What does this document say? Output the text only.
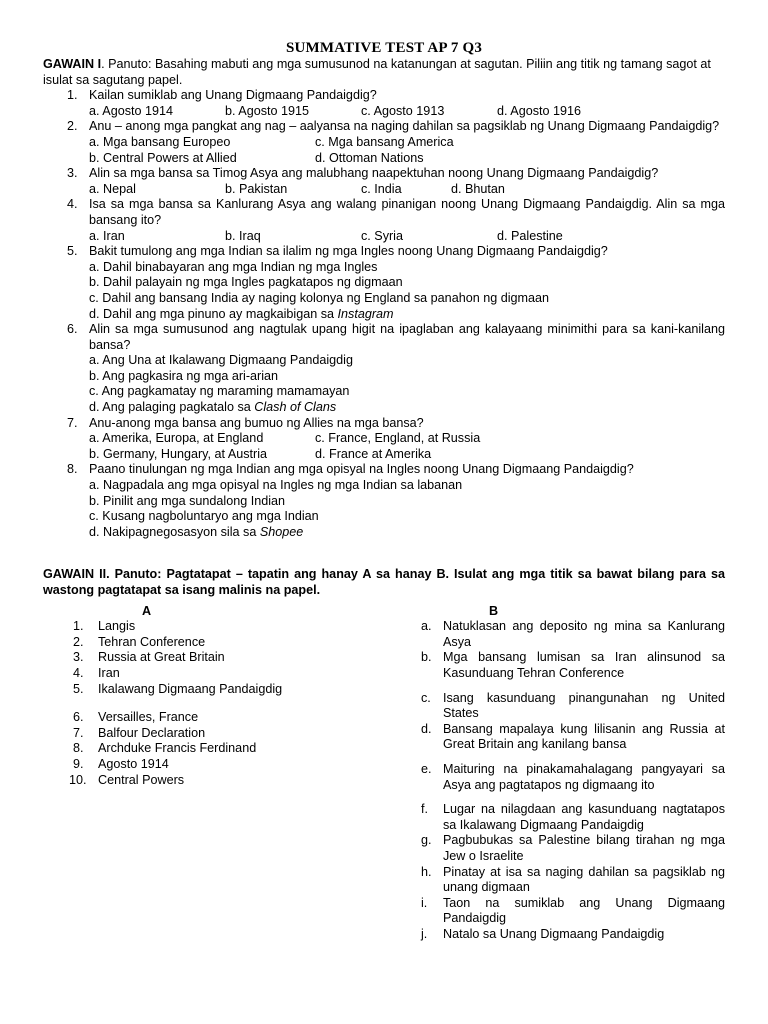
SUMMATIVE TEST AP 7 Q3

GAWAIN I. Panuto: Basahing mabuti ang mga sumusunod na katanungan at sagutan. Piliin ang titik ng tamang sagot at isulat sa sagutang papel.

1. Kailan sumiklab ang Unang Digmaang Pandaigdig?
a. Agosto 1914	b. Agosto 1915	c. Agosto 1913	d. Agosto 1916
2. Anu – anong mga pangkat ang nag – aalyansa na naging dahilan sa pagsiklab ng Unang Digmaang Pandaigdig?
a. Mga bansang Europeo	c. Mga bansang America
b. Central Powers at Allied	d. Ottoman Nations
3. Alin sa mga bansa sa Timog Asya ang malubhang naapektuhan noong Unang Digmaang Pandaigdig?
a. Nepal	b. Pakistan	c. India	d. Bhutan
4. Isa sa mga bansa sa Kanlurang Asya ang walang pinanigan noong Unang Digmaang Pandaigdig. Alin sa mga bansang ito?
a. Iran	b. Iraq	c. Syria	d. Palestine
5. Bakit tumulong ang mga Indian sa ilalim ng mga Ingles noong Unang Digmaang Pandaigdig?
a. Dahil binabayaran ang mga Indian ng mga Ingles
b. Dahil palayain ng mga Ingles pagkatapos ng digmaan
c. Dahil ang bansang India ay naging kolonya ng England sa panahon ng digmaan
d. Dahil ang mga pinuno ay magkaibigan sa Instagram
6. Alin sa mga sumusunod ang nagtulak upang higit na ipaglaban ang kalayaang minimithi para sa kani-kanilang bansa?
a. Ang Una at Ikalawang Digmaang Pandaigdig
b. Ang pagkasira ng mga ari-arian
c. Ang pagkamatay ng maraming mamamayan
d. Ang palaging pagkatalo sa Clash of Clans
7. Anu-anong mga bansa ang bumuo ng Allies na mga bansa?
a. Amerika, Europa, at England	c. France, England, at Russia
b. Germany, Hungary, at Austria	d. France at Amerika
8. Paano tinulungan ng mga Indian ang mga opisyal na Ingles noong Unang Digmaang Pandaigdig?
a. Nagpadala ang mga opisyal na Ingles ng mga Indian sa labanan
b. Pinilit ang mga sundalong Indian
c. Kusang nagboluntaryo ang mga Indian
d. Nakipagnegosasyon sila sa Shopee

GAWAIN II. Panuto: Pagtatapat – tapatin ang hanay A sa hanay B. Isulat ang mga titik sa bawat bilang para sa wastong pagtatapat sa isang malinis na papel.

A
1.	Langis
2.	Tehran Conference
3.	Russia at Great Britain
4.	Iran
5.	Ikalawang Digmaang Pandaigdig
6.	Versailles, France
7.	Balfour Declaration
8.	Archduke Francis Ferdinand
9.	Agosto 1914
10. Central Powers
B
a. Natuklasan ang deposito ng mina sa Kanlurang Asya
b. Mga bansang lumisan sa Iran alinsunod sa Kasunduang Tehran Conference
c. Isang kasunduang pinangunahan ng United States
d. Bansang mapalaya kung lilisanin ang Russia at Great Britain ang kanilang bansa
e. Maituring na pinakamahalagang pangyayari sa Asya ang pagtatapos ng digmaang ito
f. Lugar na nilagdaan ang kasunduang nagtatapos sa Ikalawang Digmaang Pandaigdig
g. Pagbubukas sa Palestine bilang tirahan ng mga Jew o Israelite
h. Pinatay at isa sa naging dahilan sa pagsiklab ng unang digmaan
i. Taon na sumiklab ang Unang Digmaang Pandaigdig
j. Natalo sa Unang Digmaang Pandaigdig
